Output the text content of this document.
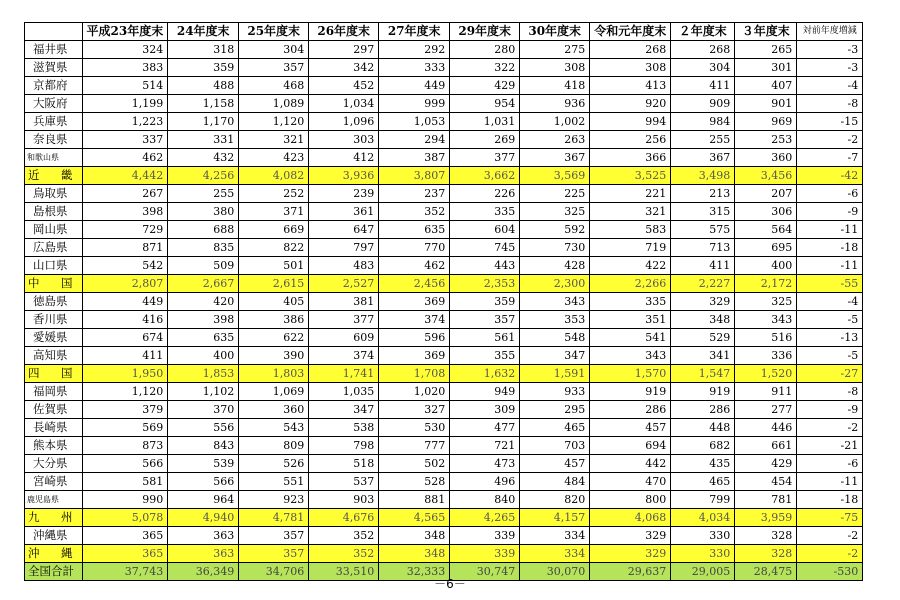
	平成23年度末	24年度末	25年度末	26年度末	27年度末	29年度末	30年度末	令和元年度末	２年度末	３年度末	対前年度増減
福井県	324	318	304	297	292	280	275	268	268	265	-3
滋賀県	383	359	357	342	333	322	308	308	304	301	-3
京都府	514	488	468	452	449	429	418	413	411	407	-4
大阪府	1,199	1,158	1,089	1,034	999	954	936	920	909	901	-8
兵庫県	1,223	1,170	1,120	1,096	1,053	1,031	1,002	994	984	969	-15
奈良県	337	331	321	303	294	269	263	256	255	253	-2
和歌山県	462	432	423	412	387	377	367	366	367	360	-7
近　畿	4,442	4,256	4,082	3,936	3,807	3,662	3,569	3,525	3,498	3,456	-42
鳥取県	267	255	252	239	237	226	225	221	213	207	-6
島根県	398	380	371	361	352	335	325	321	315	306	-9
岡山県	729	688	669	647	635	604	592	583	575	564	-11
広島県	871	835	822	797	770	745	730	719	713	695	-18
山口県	542	509	501	483	462	443	428	422	411	400	-11
中　国	2,807	2,667	2,615	2,527	2,456	2,353	2,300	2,266	2,227	2,172	-55
徳島県	449	420	405	381	369	359	343	335	329	325	-4
香川県	416	398	386	377	374	357	353	351	348	343	-5
愛媛県	674	635	622	609	596	561	548	541	529	516	-13
高知県	411	400	390	374	369	355	347	343	341	336	-5
四　国	1,950	1,853	1,803	1,741	1,708	1,632	1,591	1,570	1,547	1,520	-27
福岡県	1,120	1,102	1,069	1,035	1,020	949	933	919	919	911	-8
佐賀県	379	370	360	347	327	309	295	286	286	277	-9
長崎県	569	556	543	538	530	477	465	457	448	446	-2
熊本県	873	843	809	798	777	721	703	694	682	661	-21
大分県	566	539	526	518	502	473	457	442	435	429	-6
宮崎県	581	566	551	537	528	496	484	470	465	454	-11
鹿児島県	990	964	923	903	881	840	820	800	799	781	-18
九　州	5,078	4,940	4,781	4,676	4,565	4,265	4,157	4,068	4,034	3,959	-75
沖縄県	365	363	357	352	348	339	334	329	330	328	-2
沖　縄	365	363	357	352	348	339	334	329	330	328	-2
全国合計	37,743	36,349	34,706	33,510	32,333	30,747	30,070	29,637	29,005	28,475	-530
－6－
